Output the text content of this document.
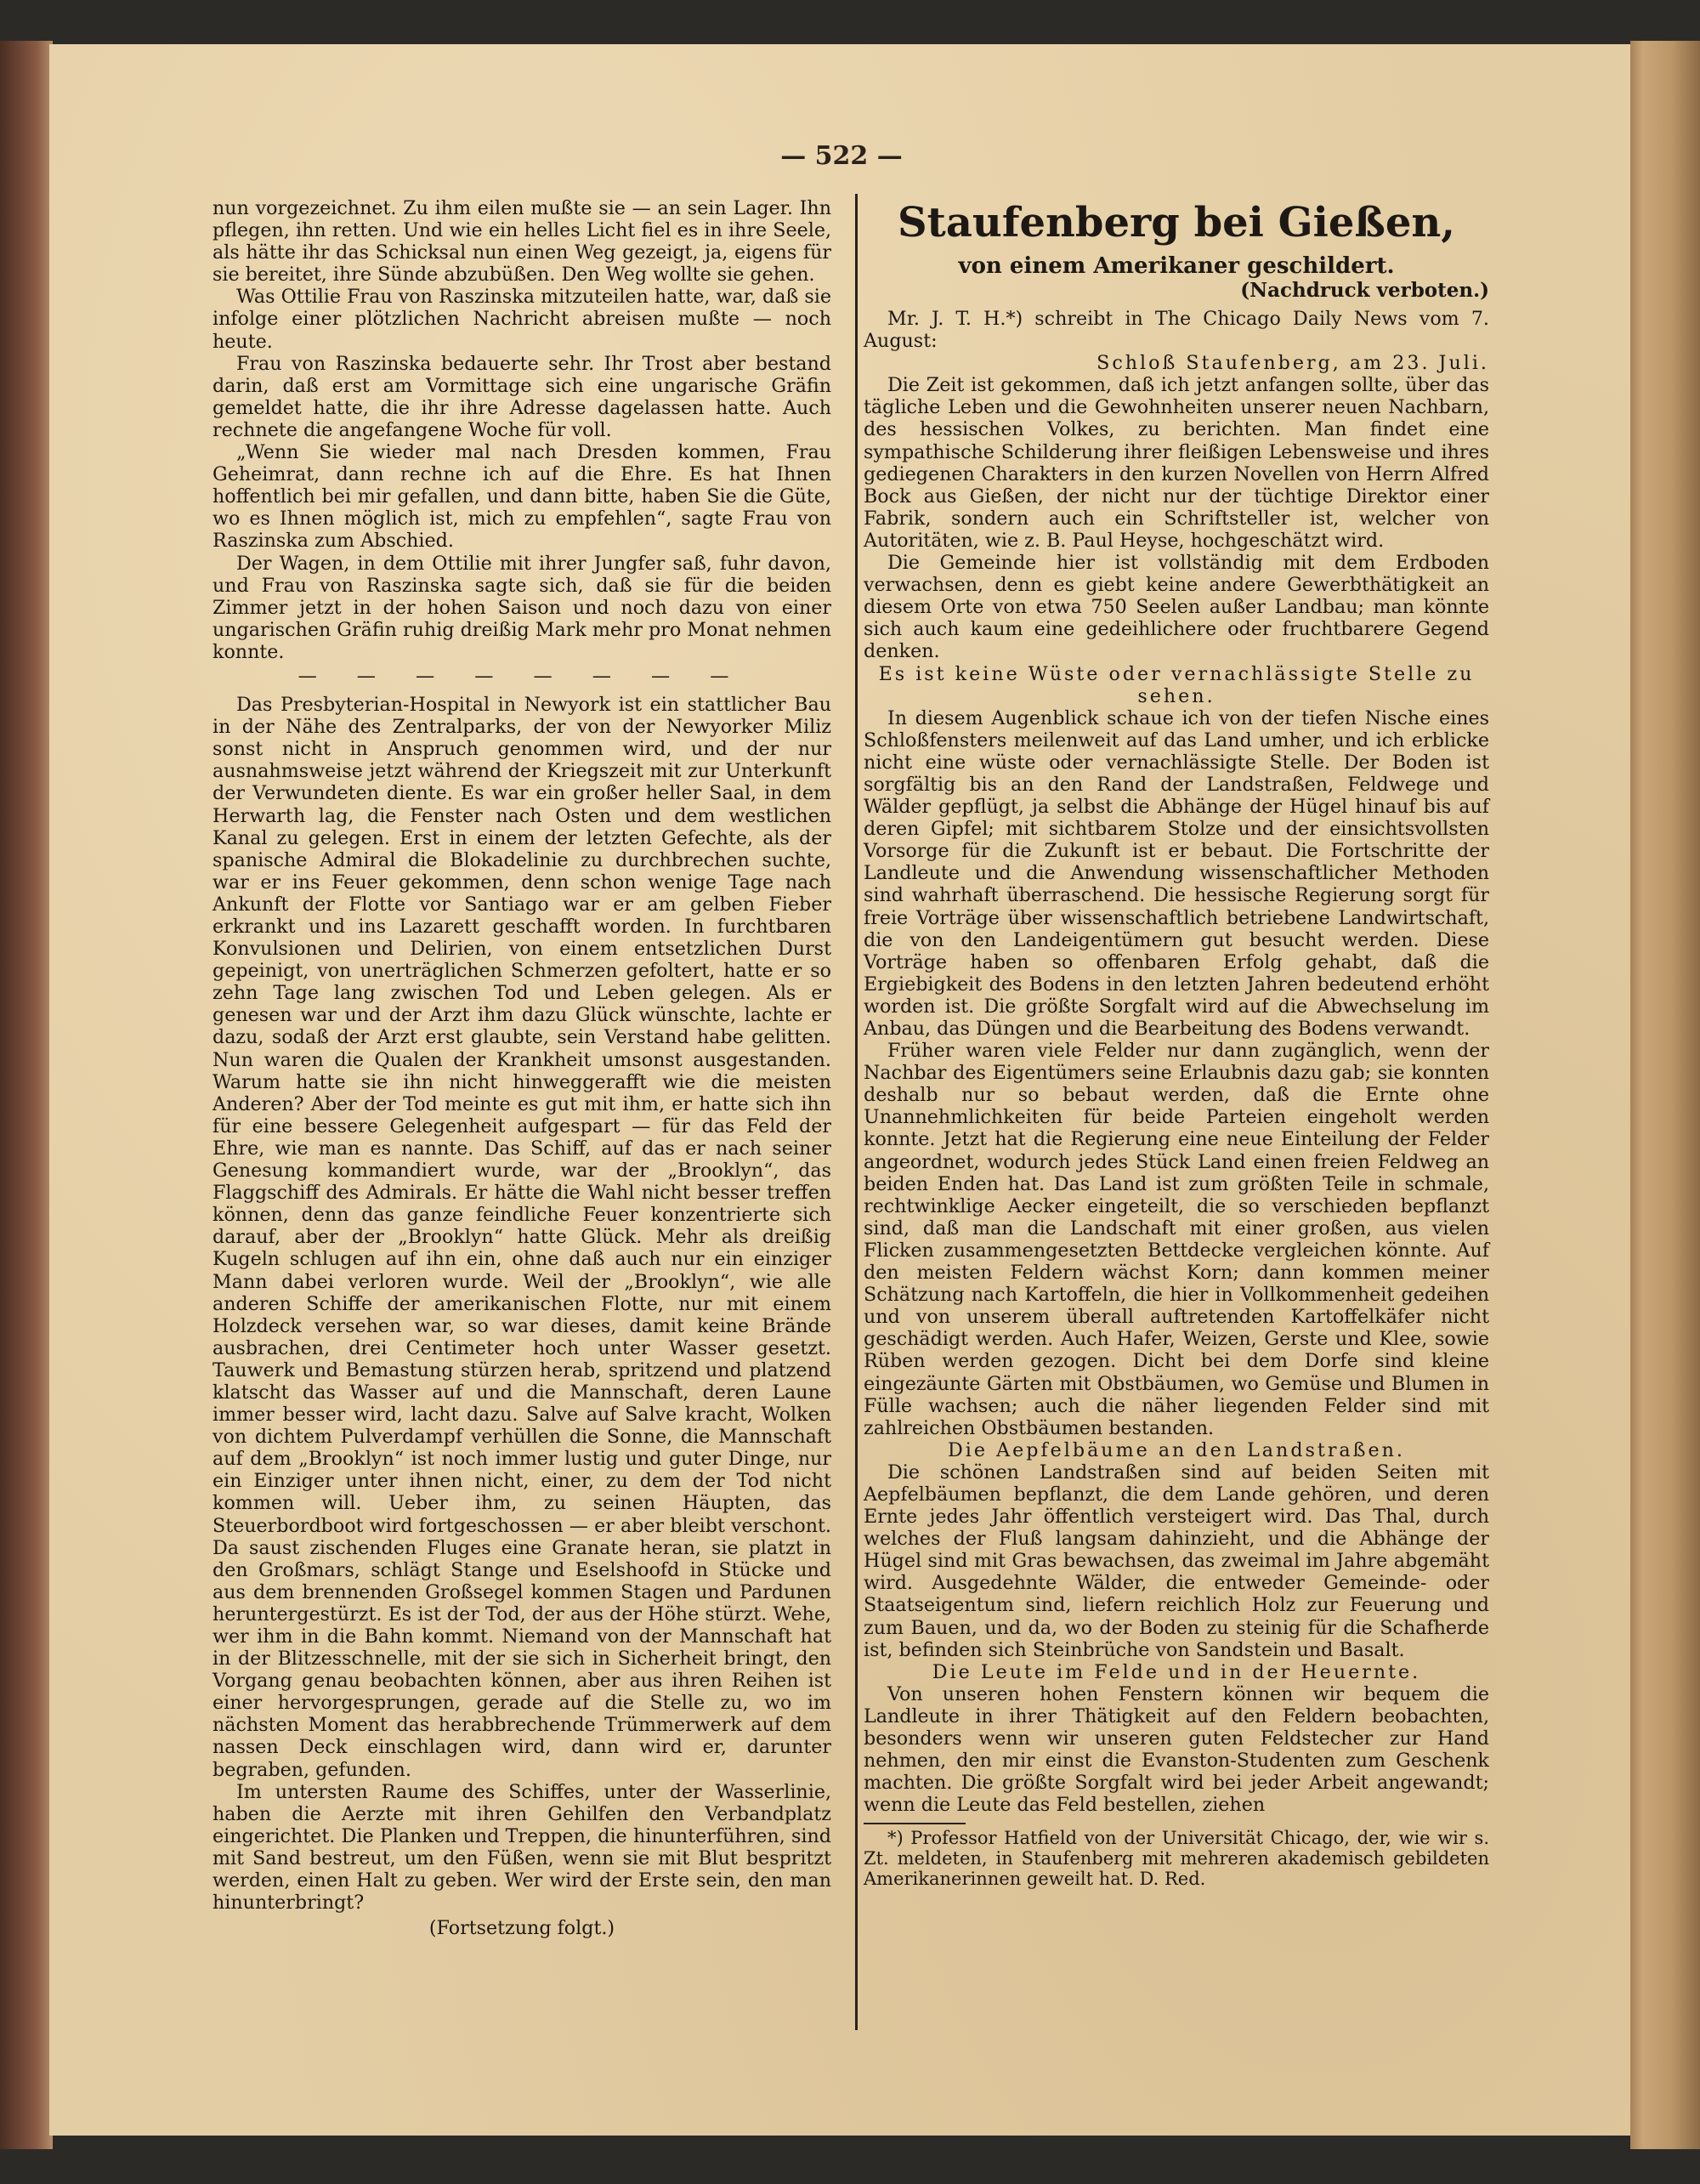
— 522 —

nun vorgezeichnet. Zu ihm eilen mußte sie — an sein Lager. Ihn pflegen, ihn retten. Und wie ein helles Licht fiel es in ihre Seele, als hätte ihr das Schicksal nun einen Weg gezeigt, ja, eigens für sie bereitet, ihre Sünde abzubüßen. Den Weg wollte sie gehen.

Was Ottilie Frau von Raszinska mitzuteilen hatte, war, daß sie infolge einer plötzlichen Nachricht abreisen mußte — noch heute.

Frau von Raszinska bedauerte sehr. Ihr Trost aber bestand darin, daß erst am Vormittage sich eine ungarische Gräfin gemeldet hatte, die ihr ihre Adresse dagelassen hatte. Auch rechnete die angefangene Woche für voll.

„Wenn Sie wieder mal nach Dresden kommen, Frau Geheimrat, dann rechne ich auf die Ehre. Es hat Ihnen hoffentlich bei mir gefallen, und dann bitte, haben Sie die Güte, wo es Ihnen möglich ist, mich zu empfehlen“, sagte Frau von Raszinska zum Abschied.

Der Wagen, in dem Ottilie mit ihrer Jungfer saß, fuhr davon, und Frau von Raszinska sagte sich, daß sie für die beiden Zimmer jetzt in der hohen Saison und noch dazu von einer ungarischen Gräfin ruhig dreißig Mark mehr pro Monat nehmen konnte.

— — — — — — — —

Das Presbyterian-Hospital in Newyork ist ein stattlicher Bau in der Nähe des Zentralparks, der von der Newyorker Miliz sonst nicht in Anspruch genommen wird, und der nur ausnahmsweise jetzt während der Kriegszeit mit zur Unterkunft der Verwundeten diente. Es war ein großer heller Saal, in dem Herwarth lag, die Fenster nach Osten und dem westlichen Kanal zu gelegen. Erst in einem der letzten Gefechte, als der spanische Admiral die Blokadelinie zu durchbrechen suchte, war er ins Feuer gekommen, denn schon wenige Tage nach Ankunft der Flotte vor Santiago war er am gelben Fieber erkrankt und ins Lazarett geschafft worden. In furchtbaren Konvulsionen und Delirien, von einem entsetzlichen Durst gepeinigt, von unerträglichen Schmerzen gefoltert, hatte er so zehn Tage lang zwischen Tod und Leben gelegen. Als er genesen war und der Arzt ihm dazu Glück wünschte, lachte er dazu, sodaß der Arzt erst glaubte, sein Verstand habe gelitten. Nun waren die Qualen der Krankheit umsonst ausgestanden. Warum hatte sie ihn nicht hinweggerafft wie die meisten Anderen? Aber der Tod meinte es gut mit ihm, er hatte sich ihn für eine bessere Gelegenheit aufgespart — für das Feld der Ehre, wie man es nannte. Das Schiff, auf das er nach seiner Genesung kommandiert wurde, war der „Brooklyn“, das Flaggschiff des Admirals. Er hätte die Wahl nicht besser treffen können, denn das ganze feindliche Feuer konzentrierte sich darauf, aber der „Brooklyn“ hatte Glück. Mehr als dreißig Kugeln schlugen auf ihn ein, ohne daß auch nur ein einziger Mann dabei verloren wurde. Weil der „Brooklyn“, wie alle anderen Schiffe der amerikanischen Flotte, nur mit einem Holzdeck versehen war, so war dieses, damit keine Brände ausbrachen, drei Centimeter hoch unter Wasser gesetzt. Tauwerk und Bemastung stürzen herab, spritzend und platzend klatscht das Wasser auf und die Mannschaft, deren Laune immer besser wird, lacht dazu. Salve auf Salve kracht, Wolken von dichtem Pulverdampf verhüllen die Sonne, die Mannschaft auf dem „Brooklyn“ ist noch immer lustig und guter Dinge, nur ein Einziger unter ihnen nicht, einer, zu dem der Tod nicht kommen will. Ueber ihm, zu seinen Häupten, das Steuerbordboot wird fortgeschossen — er aber bleibt verschont. Da saust zischenden Fluges eine Granate heran, sie platzt in den Großmars, schlägt Stange und Eselshoofd in Stücke und aus dem brennenden Großsegel kommen Stagen und Pardunen heruntergestürzt. Es ist der Tod, der aus der Höhe stürzt. Wehe, wer ihm in die Bahn kommt. Niemand von der Mannschaft hat in der Blitzesschnelle, mit der sie sich in Sicherheit bringt, den Vorgang genau beobachten können, aber aus ihren Reihen ist einer hervorgesprungen, gerade auf die Stelle zu, wo im nächsten Moment das herabbrechende Trümmerwerk auf dem nassen Deck einschlagen wird, dann wird er, darunter begraben, gefunden.

Im untersten Raume des Schiffes, unter der Wasserlinie, haben die Aerzte mit ihren Gehilfen den Verbandplatz eingerichtet. Die Planken und Treppen, die hinunterführen, sind mit Sand bestreut, um den Füßen, wenn sie mit Blut bespritzt werden, einen Halt zu geben. Wer wird der Erste sein, den man hinunterbringt?

(Fortsetzung folgt.)

Staufenberg bei Gießen,

von einem Amerikaner geschildert.

(Nachdruck verboten.)

Mr. J. T. H.*) schreibt in The Chicago Daily News vom 7. August:

Schloß Staufenberg, am 23. Juli.

Die Zeit ist gekommen, daß ich jetzt anfangen sollte, über das tägliche Leben und die Gewohnheiten unserer neuen Nachbarn, des hessischen Volkes, zu berichten. Man findet eine sympathische Schilderung ihrer fleißigen Lebensweise und ihres gediegenen Charakters in den kurzen Novellen von Herrn Alfred Bock aus Gießen, der nicht nur der tüchtige Direktor einer Fabrik, sondern auch ein Schriftsteller ist, welcher von Autoritäten, wie z. B. Paul Heyse, hochgeschätzt wird.

Die Gemeinde hier ist vollständig mit dem Erdboden verwachsen, denn es giebt keine andere Gewerbthätigkeit an diesem Orte von etwa 750 Seelen außer Landbau; man könnte sich auch kaum eine gedeihlichere oder fruchtbarere Gegend denken.

Es ist keine Wüste oder vernachlässigte Stelle zu sehen.

In diesem Augenblick schaue ich von der tiefen Nische eines Schloßfensters meilenweit auf das Land umher, und ich erblicke nicht eine wüste oder vernachlässigte Stelle. Der Boden ist sorgfältig bis an den Rand der Landstraßen, Feldwege und Wälder gepflügt, ja selbst die Abhänge der Hügel hinauf bis auf deren Gipfel; mit sichtbarem Stolze und der einsichtsvollsten Vorsorge für die Zukunft ist er bebaut. Die Fortschritte der Landleute und die Anwendung wissenschaftlicher Methoden sind wahrhaft überraschend. Die hessische Regierung sorgt für freie Vorträge über wissenschaftlich betriebene Landwirtschaft, die von den Landeigentümern gut besucht werden. Diese Vorträge haben so offenbaren Erfolg gehabt, daß die Ergiebigkeit des Bodens in den letzten Jahren bedeutend erhöht worden ist. Die größte Sorgfalt wird auf die Abwechselung im Anbau, das Düngen und die Bearbeitung des Bodens verwandt.

Früher waren viele Felder nur dann zugänglich, wenn der Nachbar des Eigentümers seine Erlaubnis dazu gab; sie konnten deshalb nur so bebaut werden, daß die Ernte ohne Unannehmlichkeiten für beide Parteien eingeholt werden konnte. Jetzt hat die Regierung eine neue Einteilung der Felder angeordnet, wodurch jedes Stück Land einen freien Feldweg an beiden Enden hat. Das Land ist zum größten Teile in schmale, rechtwinklige Aecker eingeteilt, die so verschieden bepflanzt sind, daß man die Landschaft mit einer großen, aus vielen Flicken zusammengesetzten Bettdecke vergleichen könnte. Auf den meisten Feldern wächst Korn; dann kommen meiner Schätzung nach Kartoffeln, die hier in Vollkommenheit gedeihen und von unserem überall auftretenden Kartoffelkäfer nicht geschädigt werden. Auch Hafer, Weizen, Gerste und Klee, sowie Rüben werden gezogen. Dicht bei dem Dorfe sind kleine eingezäunte Gärten mit Obstbäumen, wo Gemüse und Blumen in Fülle wachsen; auch die näher liegenden Felder sind mit zahlreichen Obstbäumen bestanden.

Die Aepfelbäume an den Landstraßen.

Die schönen Landstraßen sind auf beiden Seiten mit Aepfelbäumen bepflanzt, die dem Lande gehören, und deren Ernte jedes Jahr öffentlich versteigert wird. Das Thal, durch welches der Fluß langsam dahinzieht, und die Abhänge der Hügel sind mit Gras bewachsen, das zweimal im Jahre abgemäht wird. Ausgedehnte Wälder, die entweder Gemeinde- oder Staatseigentum sind, liefern reichlich Holz zur Feuerung und zum Bauen, und da, wo der Boden zu steinig für die Schafherde ist, befinden sich Steinbrüche von Sandstein und Basalt.

Die Leute im Felde und in der Heuernte.

Von unseren hohen Fenstern können wir bequem die Landleute in ihrer Thätigkeit auf den Feldern beobachten, besonders wenn wir unseren guten Feldstecher zur Hand nehmen, den mir einst die Evanston-Studenten zum Geschenk machten. Die größte Sorgfalt wird bei jeder Arbeit angewandt; wenn die Leute das Feld bestellen, ziehen

*) Professor Hatfield von der Universität Chicago, der, wie wir s. Zt. meldeten, in Staufenberg mit mehreren akademisch gebildeten Amerikanerinnen geweilt hat. D. Red.
